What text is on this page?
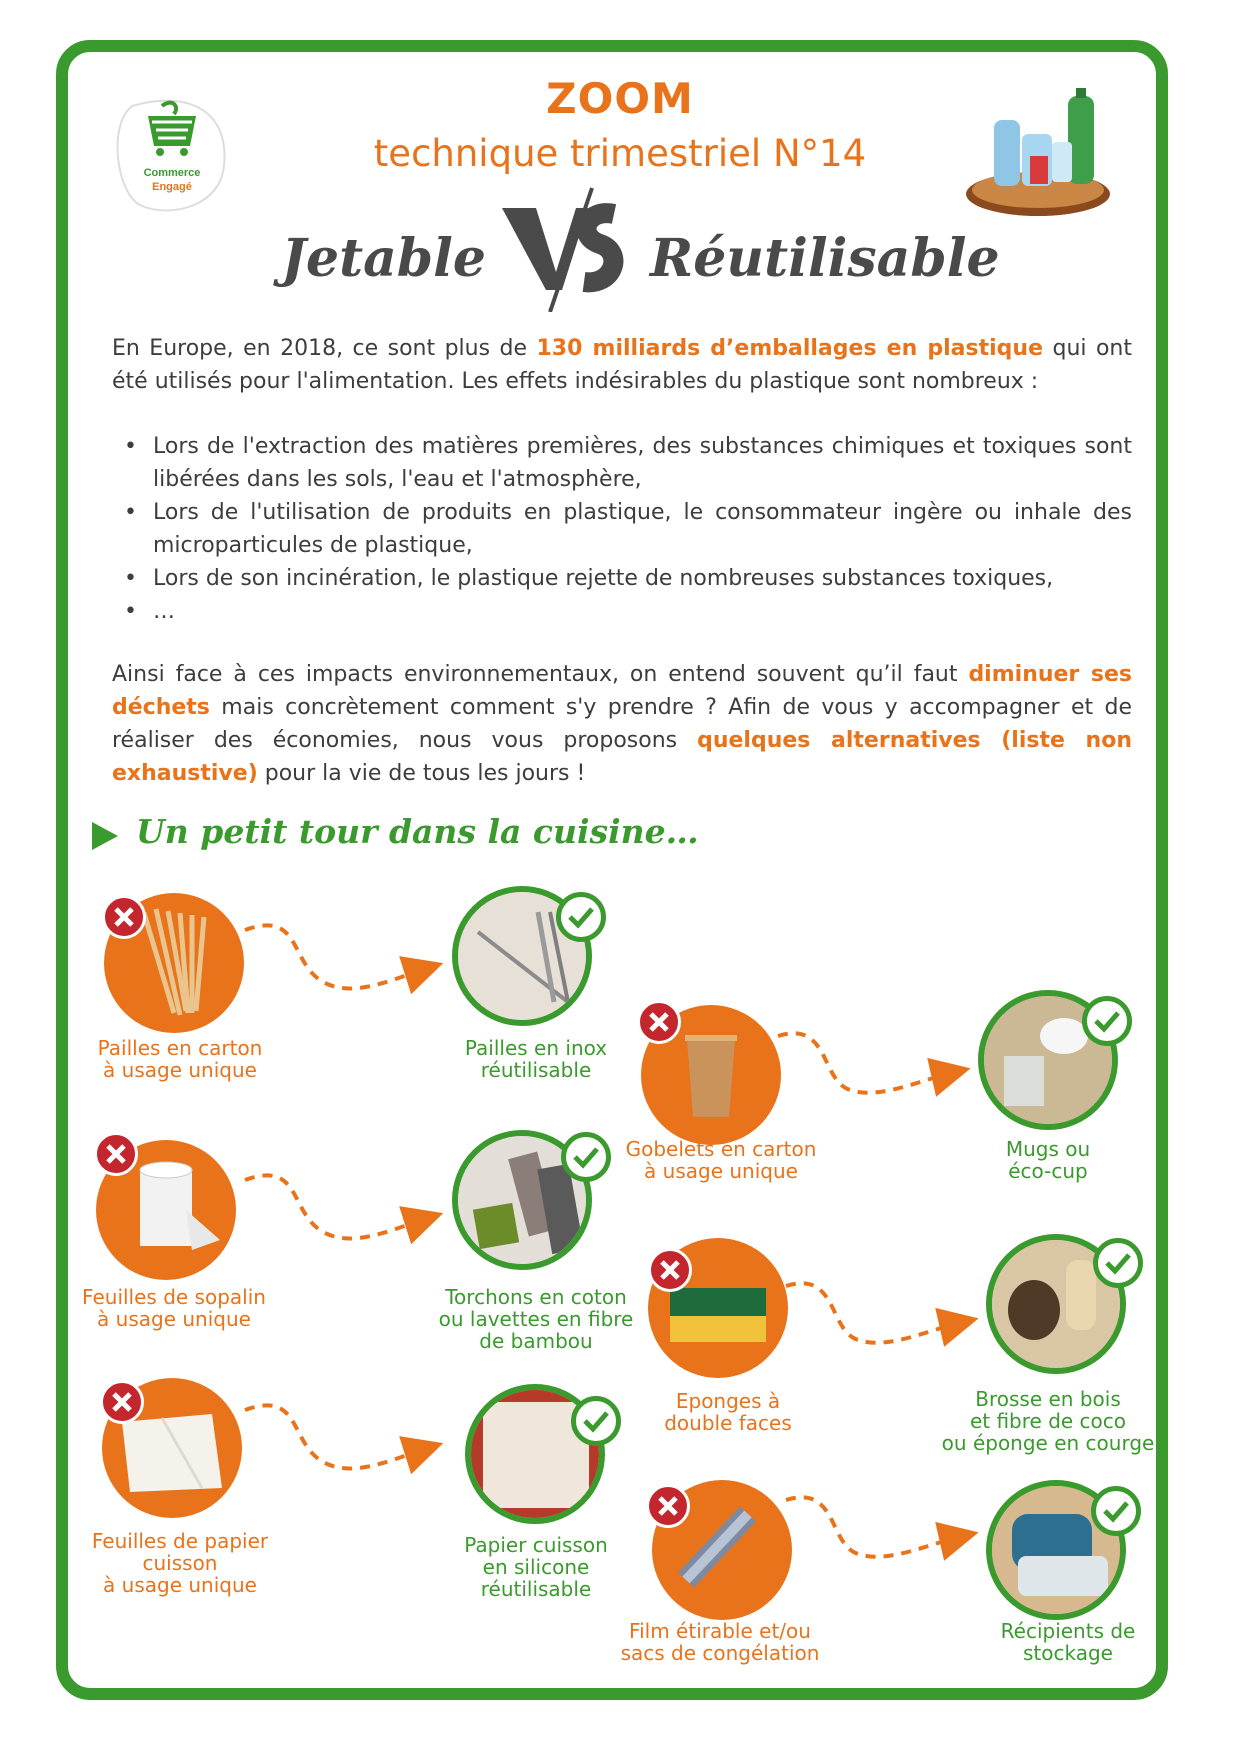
Commerce
Engagé
ZOOM
technique trimestriel N°14
Jetable	Réutilisable
En Europe, en 2018, ce sont plus de 130 milliards d’emballages en plastique qui ont été utilisés pour l'alimentation. Les effets indésirables du plastique sont nombreux :
• Lors de l'extraction des matières premières, des substances chimiques et toxiques sont libérées dans les sols, l'eau et l'atmosphère,
• Lors de l'utilisation de produits en plastique, le consommateur ingère ou inhale des microparticules de plastique,
• Lors de son incinération, le plastique rejette de nombreuses substances toxiques,
• …
Ainsi face à ces impacts environnementaux, on entend souvent qu’il faut diminuer ses déchets mais concrètement comment s'y prendre ? Afin de vous y accompagner et de réaliser des économies, nous vous proposons quelques alternatives (liste non exhaustive) pour la vie de tous les jours !
Un petit tour dans la cuisine…
Pailles en carton
à usage unique
Pailles en inox
réutilisable
Feuilles de sopalin
à usage unique
Torchons en coton
ou lavettes en fibre
de bambou
Feuilles de papier
cuisson
à usage unique
Papier cuisson
en silicone
réutilisable
Gobelets en carton
à usage unique
Mugs ou
éco-cup
Eponges à
double faces
Brosse en bois
et fibre de coco
ou éponge en courge
Film étirable et/ou
sacs de congélation
Récipients de
stockage
